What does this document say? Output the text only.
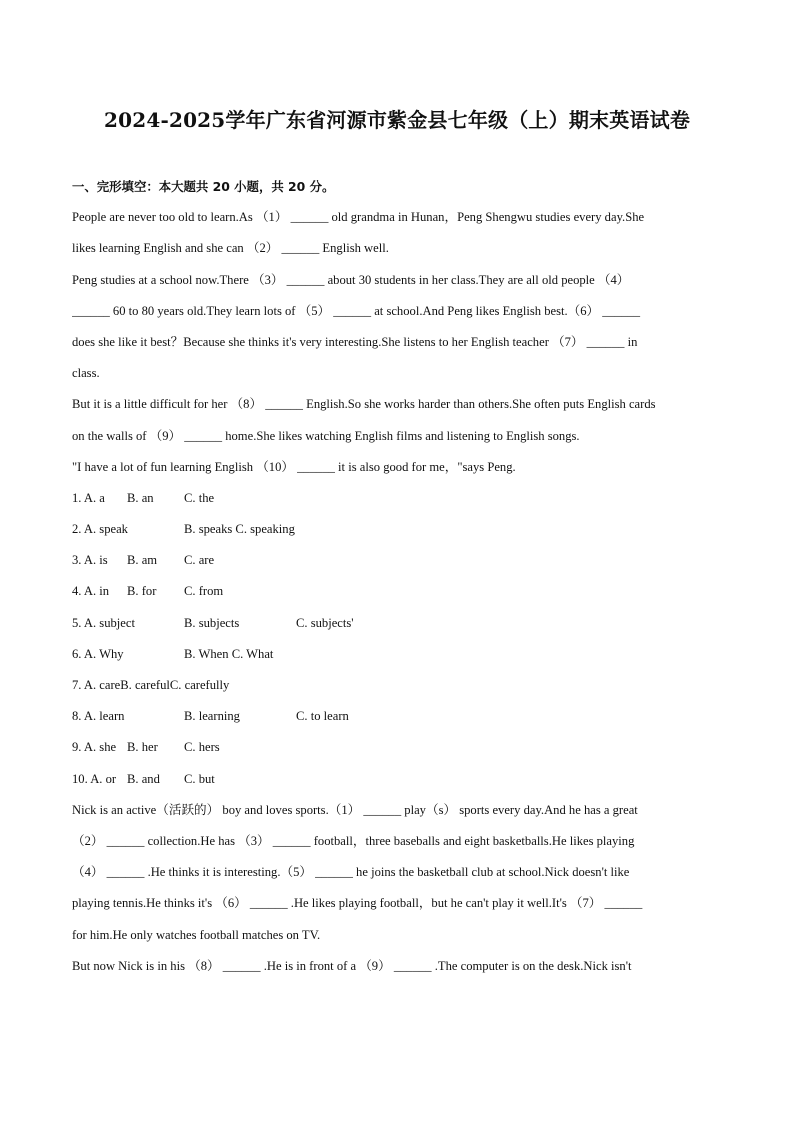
2024-2025学年广东省河源市紫金县七年级（上）期末英语试卷
一、完形填空：本大题共 20 小题，共 20 分。
People are never too old to learn.As （1） ______ old grandma in Hunan，Peng Shengwu studies every day.She
likes learning English and she can （2） ______ English well.
Peng studies at a school now.There （3） ______ about 30 students in her class.They are all old people （4）
______ 60 to 80 years old.They learn lots of （5） ______ at school.And Peng likes English best.（6） ______
does she like it best？Because she thinks it's very interesting.She listens to her English teacher （7） ______ in
class.
But it is a little difficult for her （8） ______ English.So she works harder than others.She often puts English cards
on the walls of （9） ______ home.She likes watching English films and listening to English songs.
"I have a lot of fun learning English （10） ______ it is also good for me，"says Peng.
1. A. a	B. an	C. the
2. A. speak	B. speaks C. speaking
3. A. is	B. am	C. are
4. A. in	B. for	C. from
5. A. subject	B. subjects	C. subjects'
6. A. Why	B. When C. What
7. A. careB. carefulC. carefully
8. A. learn	B. learning	C. to learn
9. A. she B. her	C. hers
10. A. or B. and	C. but
Nick is an active（活跃的） boy and loves sports.（1） ______ play（s） sports every day.And he has a great
（2） ______ collection.He has （3） ______ football，three baseballs and eight basketballs.He likes playing
（4） ______ .He thinks it is interesting.（5） ______ he joins the basketball club at school.Nick doesn't like
playing tennis.He thinks it's （6） ______ .He likes playing football，but he can't play it well.It's （7） ______
for him.He only watches football matches on TV.
But now Nick is in his （8） ______ .He is in front of a （9） ______ .The computer is on the desk.Nick isn't
